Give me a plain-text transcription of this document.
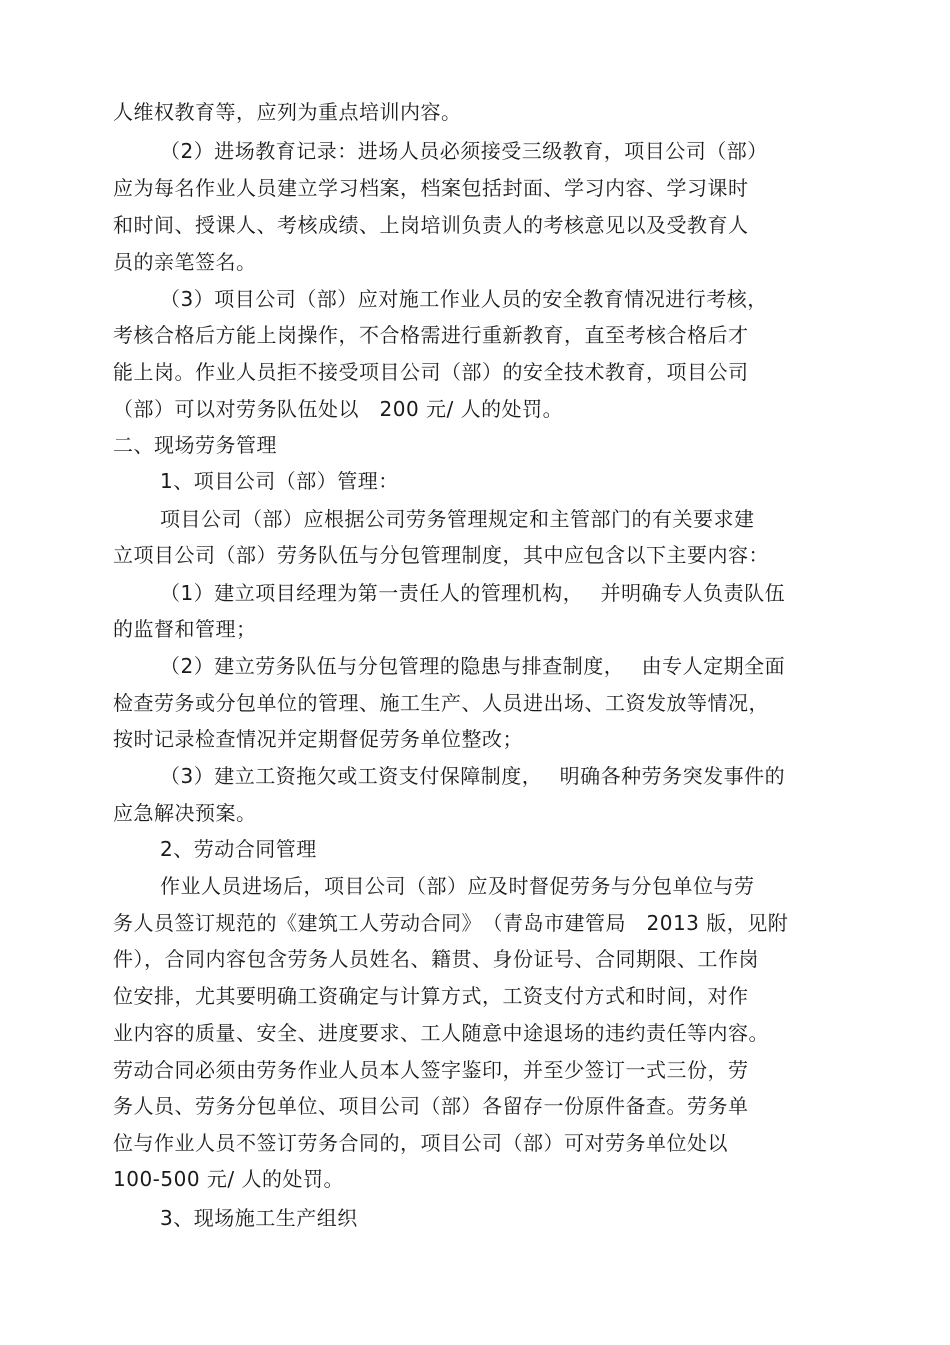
人维权教育等，应列为重点培训内容。
（2）进场教育记录：进场人员必须接受三级教育，项目公司（部）
应为每名作业人员建立学习档案，档案包括封面、学习内容、学习课时
和时间、授课人、考核成绩、上岗培训负责人的考核意见以及受教育人
员的亲笔签名。
（3）项目公司（部）应对施工作业人员的安全教育情况进行考核，
考核合格后方能上岗操作，不合格需进行重新教育，直至考核合格后才
能上岗。作业人员拒不接受项目公司（部）的安全技术教育，项目公司
（部）可以对劳务队伍处以　200 元/ 人的处罚。
二、现场劳务管理
1、项目公司（部）管理：
项目公司（部）应根据公司劳务管理规定和主管部门的有关要求建
立项目公司（部）劳务队伍与分包管理制度，其中应包含以下主要内容：
（1）建立项目经理为第一责任人的管理机构，　 并明确专人负责队伍
的监督和管理；
（2）建立劳务队伍与分包管理的隐患与排查制度，　 由专人定期全面
检查劳务或分包单位的管理、施工生产、人员进出场、工资发放等情况，
按时记录检查情况并定期督促劳务单位整改；
（3）建立工资拖欠或工资支付保障制度，　 明确各种劳务突发事件的
应急解决预案。
2、劳动合同管理
作业人员进场后，项目公司（部）应及时督促劳务与分包单位与劳
务人员签订规范的《建筑工人劳动合同》　（青岛市建管局　2013 版，见附
件），合同内容包含劳务人员姓名、籍贯、身份证号、合同期限、工作岗
位安排，尤其要明确工资确定与计算方式，工资支付方式和时间，对作
业内容的质量、安全、进度要求、工人随意中途退场的违约责任等内容。
劳动合同必须由劳务作业人员本人签字鉴印，并至少签订一式三份，劳
务人员、劳务分包单位、项目公司（部）各留存一份原件备查。劳务单
位与作业人员不签订劳务合同的，项目公司（部）可对劳务单位处以
100-500 元/ 人的处罚。
3、现场施工生产组织
